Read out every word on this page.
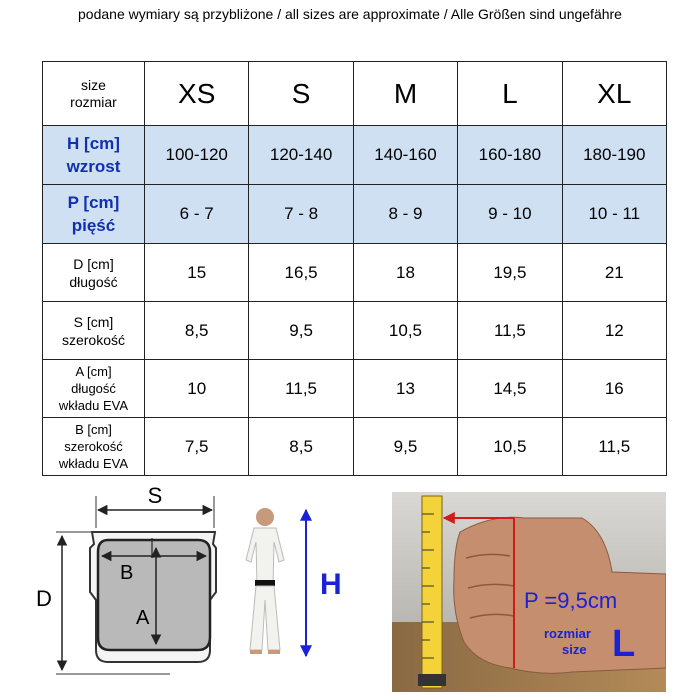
podane wymiary są przybliżone / all sizes are approximate / Alle Größen sind ungefähre
size
rozmiar	XS	S	M	L	XL

H [cm]
wzrost	100-120	120-140	140-160	160-180	180-190

P [cm]
pięść	6 - 7	7 - 8	8 - 9	9 - 10	10 - 11

D [cm]
długość	15	16,5	18	19,5	21

S [cm]
szerokość	8,5	9,5	10,5	11,5	12

A [cm]
długość
wkładu EVA	10	11,5	13	14,5	16

B [cm]
szerokość
wkładu EVA	7,5	8,5	9,5	10,5	11,5
S
D
B
A
H	P =9,5cm
rozmiar
size L
